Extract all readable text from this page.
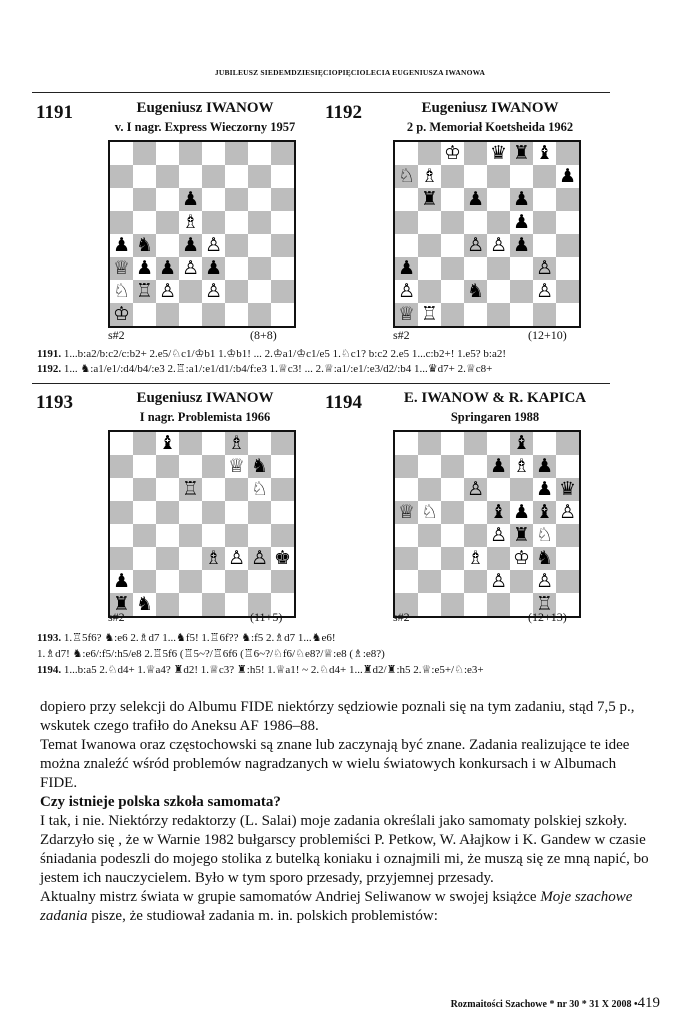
JUBILEUSZ SIEDEMDZIESIĘCIOPIĘCIOLECIA EUGENIUSZA IWANOWA
1191	Eugeniusz IWANOW
v. I nagr. Express Wieczorny 1957
♟
♗
♟ ♞ ♟ ♙
♕ ♟ ♟ ♙ ♟
♘ ♖ ♙ ♙
♔
s#2	(8+8)
1192	Eugeniusz IWANOW
2 p. Memoriał Koetsheida 1962
♔ ♛ ♜ ♝
♘ ♗	♟
♜ ♟ ♟
♟
♙ ♙ ♟
♟	♙
♙	♞	♙
♕ ♖
s#2	(12+10)
1191. 1...b:a2/b:c2/c:b2+ 2.e5/♘c1/♔b1 1.♔b1! ... 2.♔a1/♔c1/e5 1.♘c1? b:c2 2.e5 1...c:b2+! 1.e5? b:a2!
1192. 1... ♞:a1/e1/:d4/b4/:e3 2.♖:a1/:e1/d1/:b4/f:e3 1.♕c3! ... 2.♕:a1/:e1/:e3/d2/:b4 1...♛d7+ 2.♕c8+
1193	Eugeniusz IWANOW
I nagr. Problemista 1966
♝	♗
♕ ♞
♖	♘
♗ ♙ ♙ ♚
♟
♜ ♞
s#2	(11+5)
1194	E. IWANOW & R. KAPICA
Springaren 1988
♝
♟ ♗ ♟
♙	♟ ♛
♕ ♘	♝ ♟ ♝ ♙
♙ ♜ ♘
♗ ♔ ♞
♙ ♙
♖
s#2	(12+13)
1193. 1.♖5f6? ♞:e6 2.♗d7 1...♞f5! 1.♖6f?? ♞:f5 2.♗d7 1...♞e6!
1.♗d7! ♞:e6/:f5/:h5/e8 2.♖5f6 (♖5~?/♖6f6 (♖6~?/♘f6/♘e8?/♕:e8 (♗:e8?)
1194. 1...b:a5 2.♘d4+ 1.♕a4? ♜d2! 1.♕c3? ♜:h5! 1.♕a1! ~ 2.♘d4+ 1...♜d2/♜:h5 2.♕:e5+/♘:e3+

dopiero przy selekcji do Albumu FIDE niektórzy sędziowie poznali się na tym zadaniu, stąd 7,5 p., wskutek czego trafiło do Aneksu AF 1986–88.

Temat Iwanowa oraz częstochowski są znane lub zaczynają być znane. Zadania realizujące te idee można znaleźć wśród problemów nagradzanych w wielu światowych konkursach i w Albumach FIDE.

Czy istnieje polska szkoła samomata?

I tak, i nie. Niektórzy redaktorzy (L. Salai) moje zadania określali jako samomaty polskiej szkoły. Zdarzyło się , że w Warnie 1982 bułgarscy problemiści P. Petkow, W. Ałajkow i K. Gandew w czasie śniadania podeszli do mojego stolika z butelką koniaku i oznajmili mi, że muszą się ze mną napić, bo jestem ich nauczycielem. Było w tym sporo przesady, przyjemnej przesady.

Aktualny mistrz świata w grupie samomatów Andriej Seliwanow w swojej książce Moje szachowe zadania pisze, że studiował zadania m. in. polskich problemistów:

Rozmaitości Szachowe * nr 30 * 31 X 2008 •419
